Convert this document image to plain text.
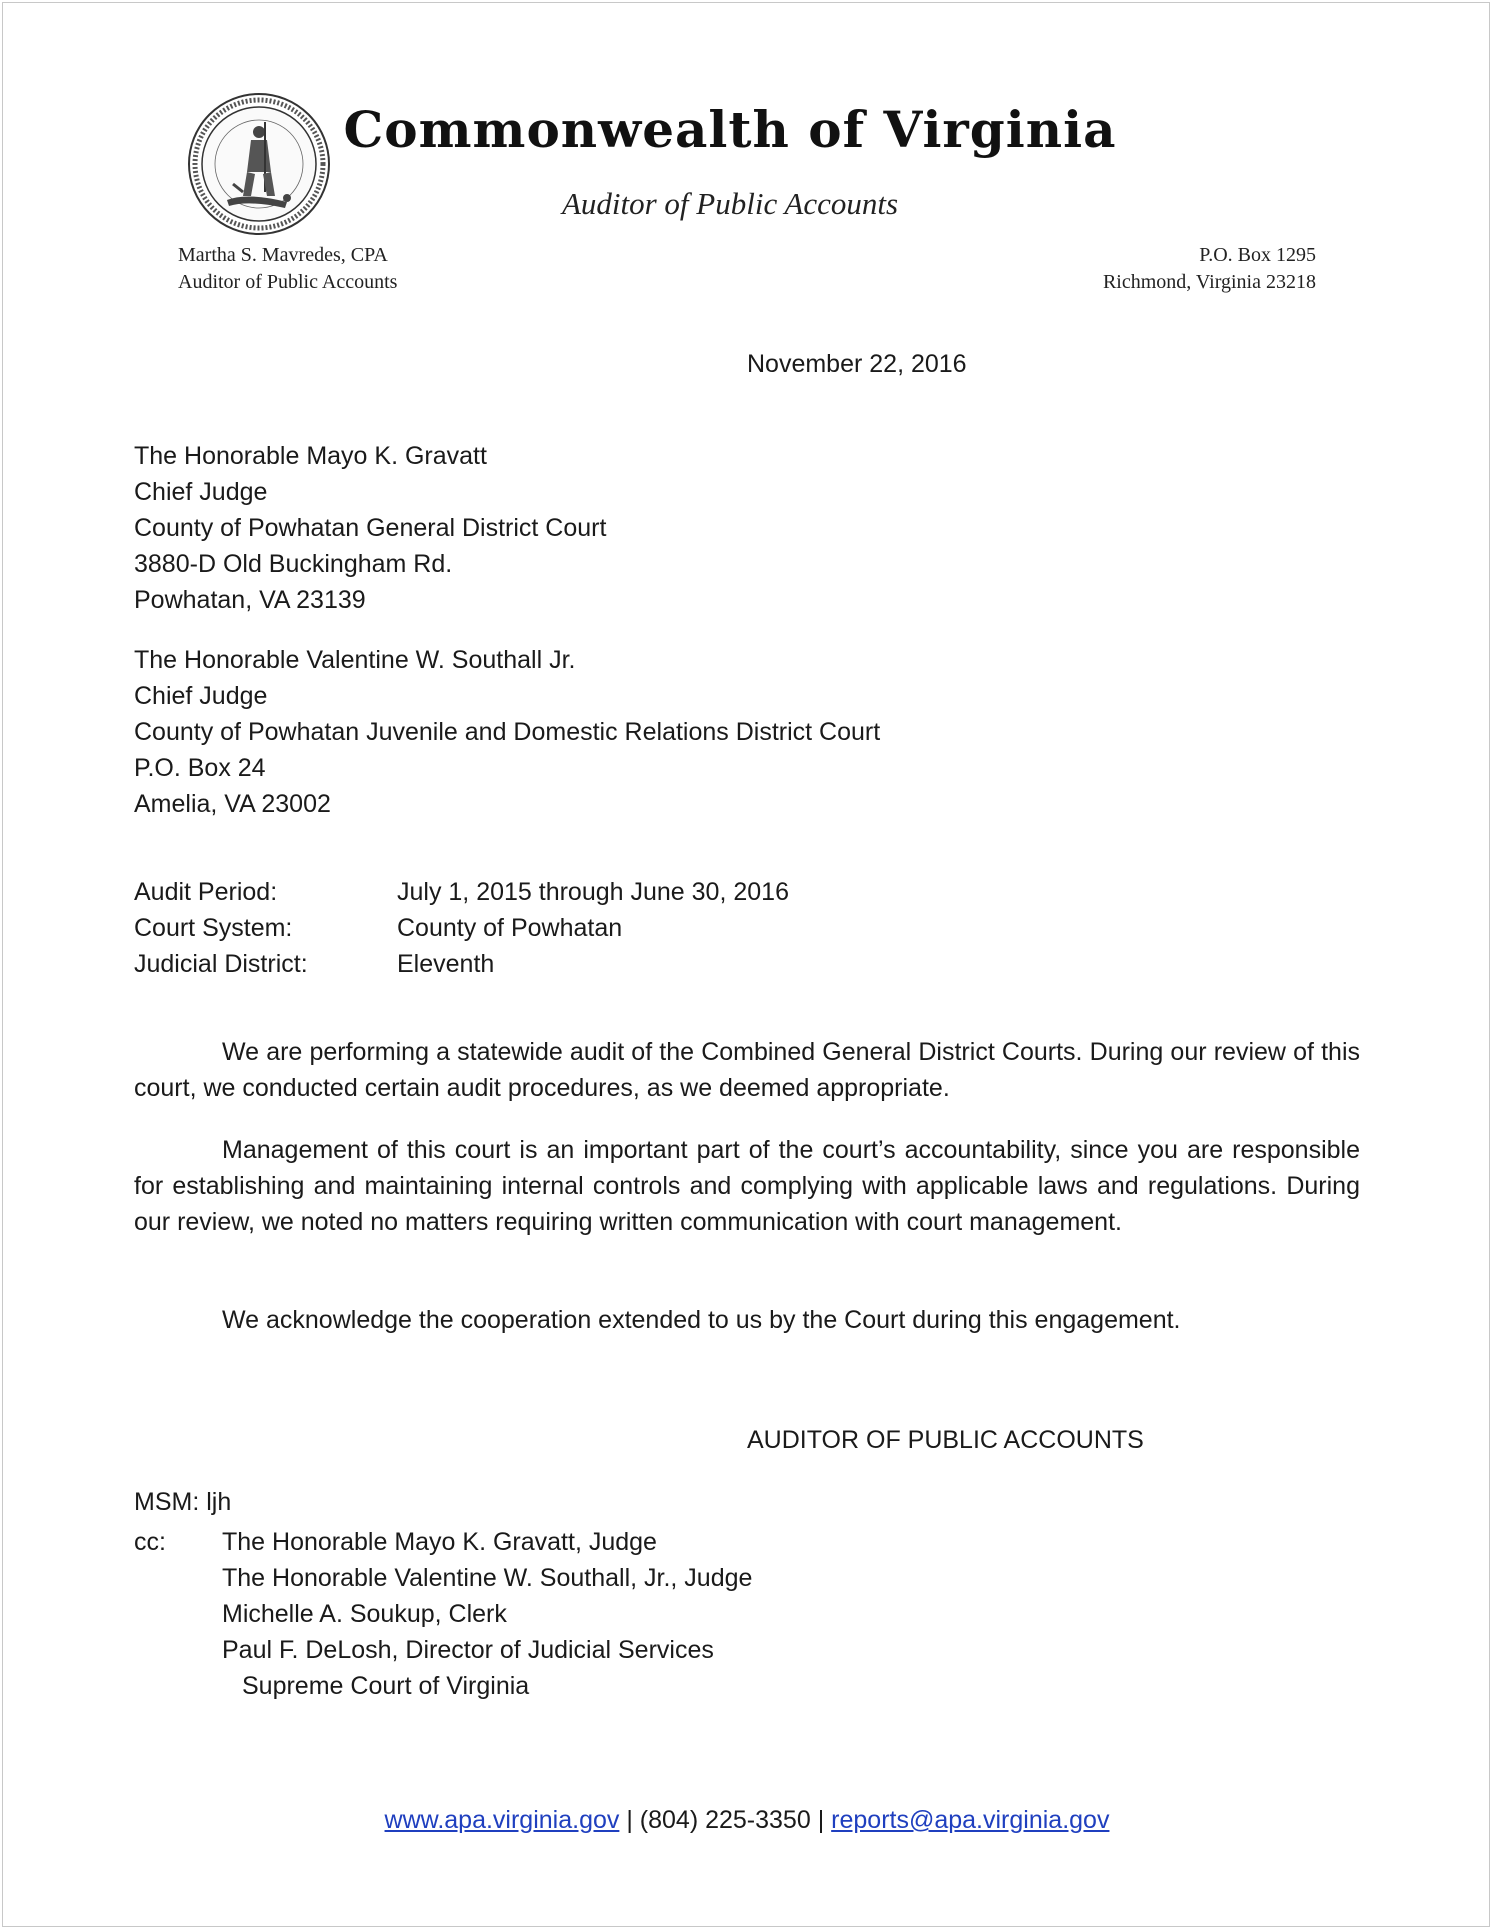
Commonwealth of Virginia
Auditor of Public Accounts
Martha S. Mavredes, CPA
Auditor of Public Accounts
P.O. Box 1295
Richmond, Virginia 23218
November 22, 2016
The Honorable Mayo K. Gravatt
Chief Judge
County of Powhatan General District Court
3880-D Old Buckingham Rd.
Powhatan, VA 23139
The Honorable Valentine W. Southall Jr.
Chief Judge
County of Powhatan Juvenile and Domestic Relations District Court
P.O. Box 24
Amelia, VA 23002
Audit Period:	July 1, 2015 through June 30, 2016
Court System:	County of Powhatan
Judicial District:	Eleventh
We are performing a statewide audit of the Combined General District Courts. During our review of this court, we conducted certain audit procedures, as we deemed appropriate.
Management of this court is an important part of the court’s accountability, since you are responsible for establishing and maintaining internal controls and complying with applicable laws and regulations. During our review, we noted no matters requiring written communication with court management.
We acknowledge the cooperation extended to us by the Court during this engagement.
AUDITOR OF PUBLIC ACCOUNTS
MSM: ljh
cc:	The Honorable Mayo K. Gravatt, Judge
The Honorable Valentine W. Southall, Jr., Judge
Michelle A. Soukup, Clerk
Paul F. DeLosh, Director of Judicial Services
Supreme Court of Virginia
www.apa.virginia.gov | (804) 225-3350 | reports@apa.virginia.gov
